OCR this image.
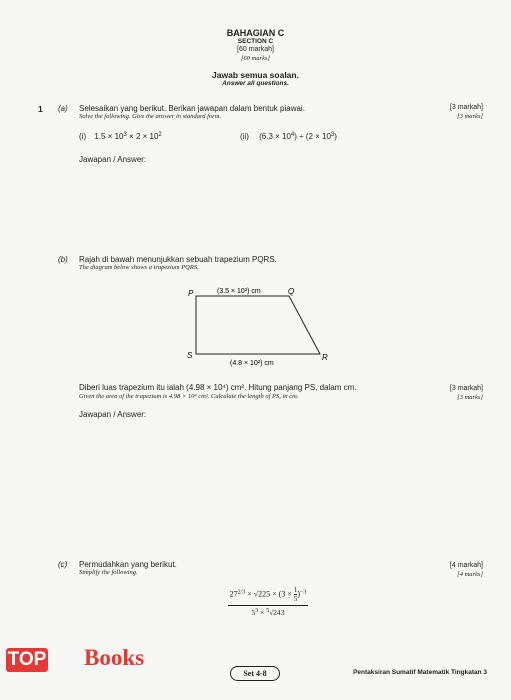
BAHAGIAN C
SECTION C
[60 markah]
[60 marks]
Jawab semua soalan.
Answer all questions.
1 (a) Selesaikan yang berikut. Berikan jawapan dalam bentuk piawai.
Solve the following. Give the answer in standard form.
[3 markah]
[3 marks]
(i) $1.5 \times 10^3 \times 2 \times 10^2$	(ii) $(6.3 \times 10^4) \div (2 \times 10^3)$
Jawapan / Answer:
(b) Rajah di bawah menunjukkan sebuah trapezium PQRS.
The diagram below shows a trapezium PQRS.
P	Q
R
S
(3.5 × 10²) cm
(4.8 × 10²) cm
Diberi luas trapezium itu ialah (4.98 × 10⁴) cm². Hitung panjang PS, dalam cm.
Given the area of the trapezium is 4.98 × 10⁴ cm². Calculate the length of PS, in cm.
[3 markah]
[3 marks]
Jawapan / Answer:
(c) Permudahkan yang berikut.
Simplify the following.
[4 markah]
[4 marks]
$\frac{27^{2/3} \times √225 \times (3 \times \frac{1}{5} )^{-3}}{5^3 \times ^5√243}$
TOP Books
Set 4-8	Pentaksiran Sumatif Matematik Tingkatan 3
